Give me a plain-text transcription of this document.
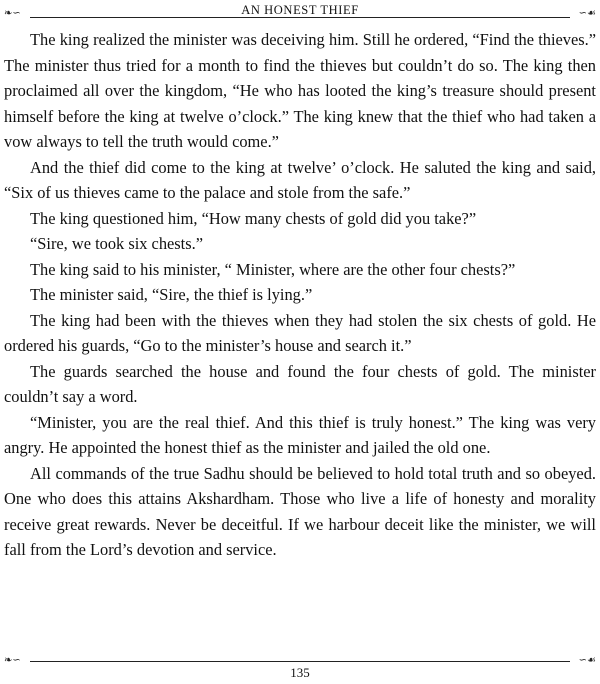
❧∽	∽☙
AN HONEST THIEF

The king realized the minister was deceiving him. Still he ordered, “Find the thieves.” The minister thus tried for a month to find the thieves but couldn’t do so. The king then proclaimed all over the kingdom, “He who has looted the king’s treasure should present himself before the king at twelve o’clock.” The king knew that the thief who had taken a vow always to tell the truth would come.”

And the thief did come to the king at twelve’ o’clock. He saluted the king and said, “Six of us thieves came to the palace and stole from the safe.”

The king questioned him, “How many chests of gold did you take?”

“Sire, we took six chests.”

The king said to his minister, “ Minister, where are the other four chests?”

The minister said, “Sire, the thief is lying.”

The king had been with the thieves when they had stolen the six chests of gold. He ordered his guards, “Go to the minister’s house and search it.”

The guards searched the house and found the four chests of gold. The minister couldn’t say a word.

“Minister, you are the real thief. And this thief is truly honest.” The king was very angry. He appointed the honest thief as the minister and jailed the old one.

All commands of the true Sadhu should be believed to hold total truth and so obeyed. One who does this attains Akshardham. Those who live a life of honesty and morality receive great rewards. Never be deceitful. If we harbour deceit like the minister, we will fall from the Lord’s devotion and service.

❧∽	∽☙
135
